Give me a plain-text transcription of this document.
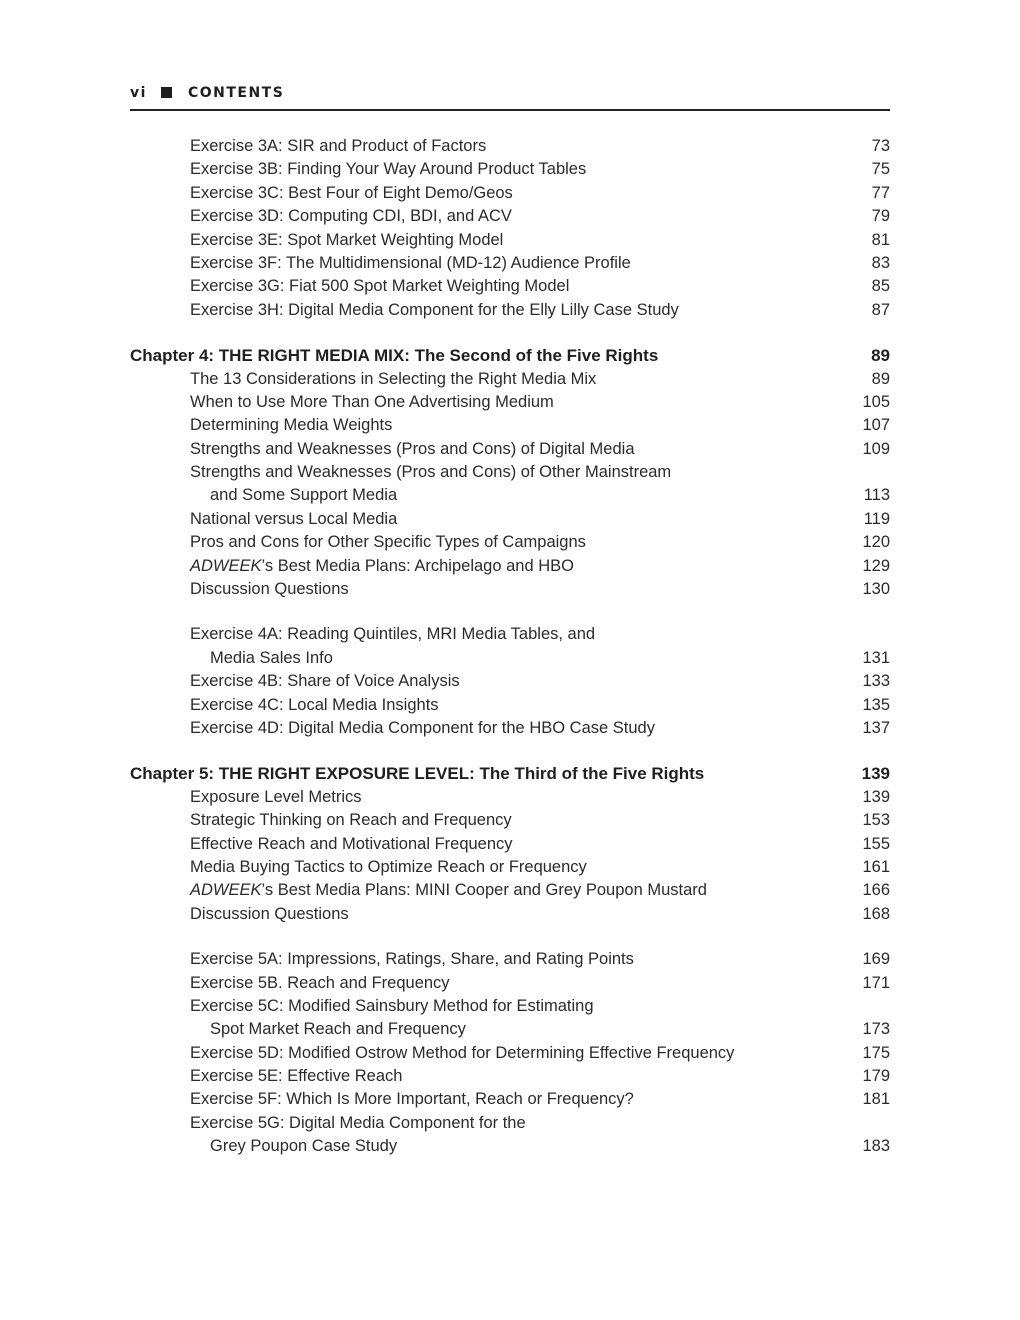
vi	CONTENTS
Exercise 3A: SIR and Product of Factors	73
Exercise 3B: Finding Your Way Around Product Tables	75
Exercise 3C: Best Four of Eight Demo/Geos	77
Exercise 3D: Computing CDI, BDI, and ACV	79
Exercise 3E: Spot Market Weighting Model	81
Exercise 3F: The Multidimensional (MD-12) Audience Profile	83
Exercise 3G: Fiat 500 Spot Market Weighting Model	85
Exercise 3H: Digital Media Component for the Elly Lilly Case Study	87
Chapter 4: THE RIGHT MEDIA MIX: The Second of the Five Rights	89
The 13 Considerations in Selecting the Right Media Mix	89
When to Use More Than One Advertising Medium	105
Determining Media Weights	107
Strengths and Weaknesses (Pros and Cons) of Digital Media	109
Strengths and Weaknesses (Pros and Cons) of Other Mainstream
and Some Support Media	113
National versus Local Media	119
Pros and Cons for Other Specific Types of Campaigns	120
ADWEEK’s Best Media Plans: Archipelago and HBO	129
Discussion Questions	130
Exercise 4A: Reading Quintiles, MRI Media Tables, and
Media Sales Info	131
Exercise 4B: Share of Voice Analysis	133
Exercise 4C: Local Media Insights	135
Exercise 4D: Digital Media Component for the HBO Case Study	137
Chapter 5: THE RIGHT EXPOSURE LEVEL: The Third of the Five Rights	139
Exposure Level Metrics	139
Strategic Thinking on Reach and Frequency	153
Effective Reach and Motivational Frequency	155
Media Buying Tactics to Optimize Reach or Frequency	161
ADWEEK’s Best Media Plans: MINI Cooper and Grey Poupon Mustard	166
Discussion Questions	168
Exercise 5A: Impressions, Ratings, Share, and Rating Points	169
Exercise 5B. Reach and Frequency	171
Exercise 5C: Modified Sainsbury Method for Estimating
Spot Market Reach and Frequency	173
Exercise 5D: Modified Ostrow Method for Determining Effective Frequency	175
Exercise 5E: Effective Reach	179
Exercise 5F: Which Is More Important, Reach or Frequency?	181
Exercise 5G: Digital Media Component for the
Grey Poupon Case Study	183
